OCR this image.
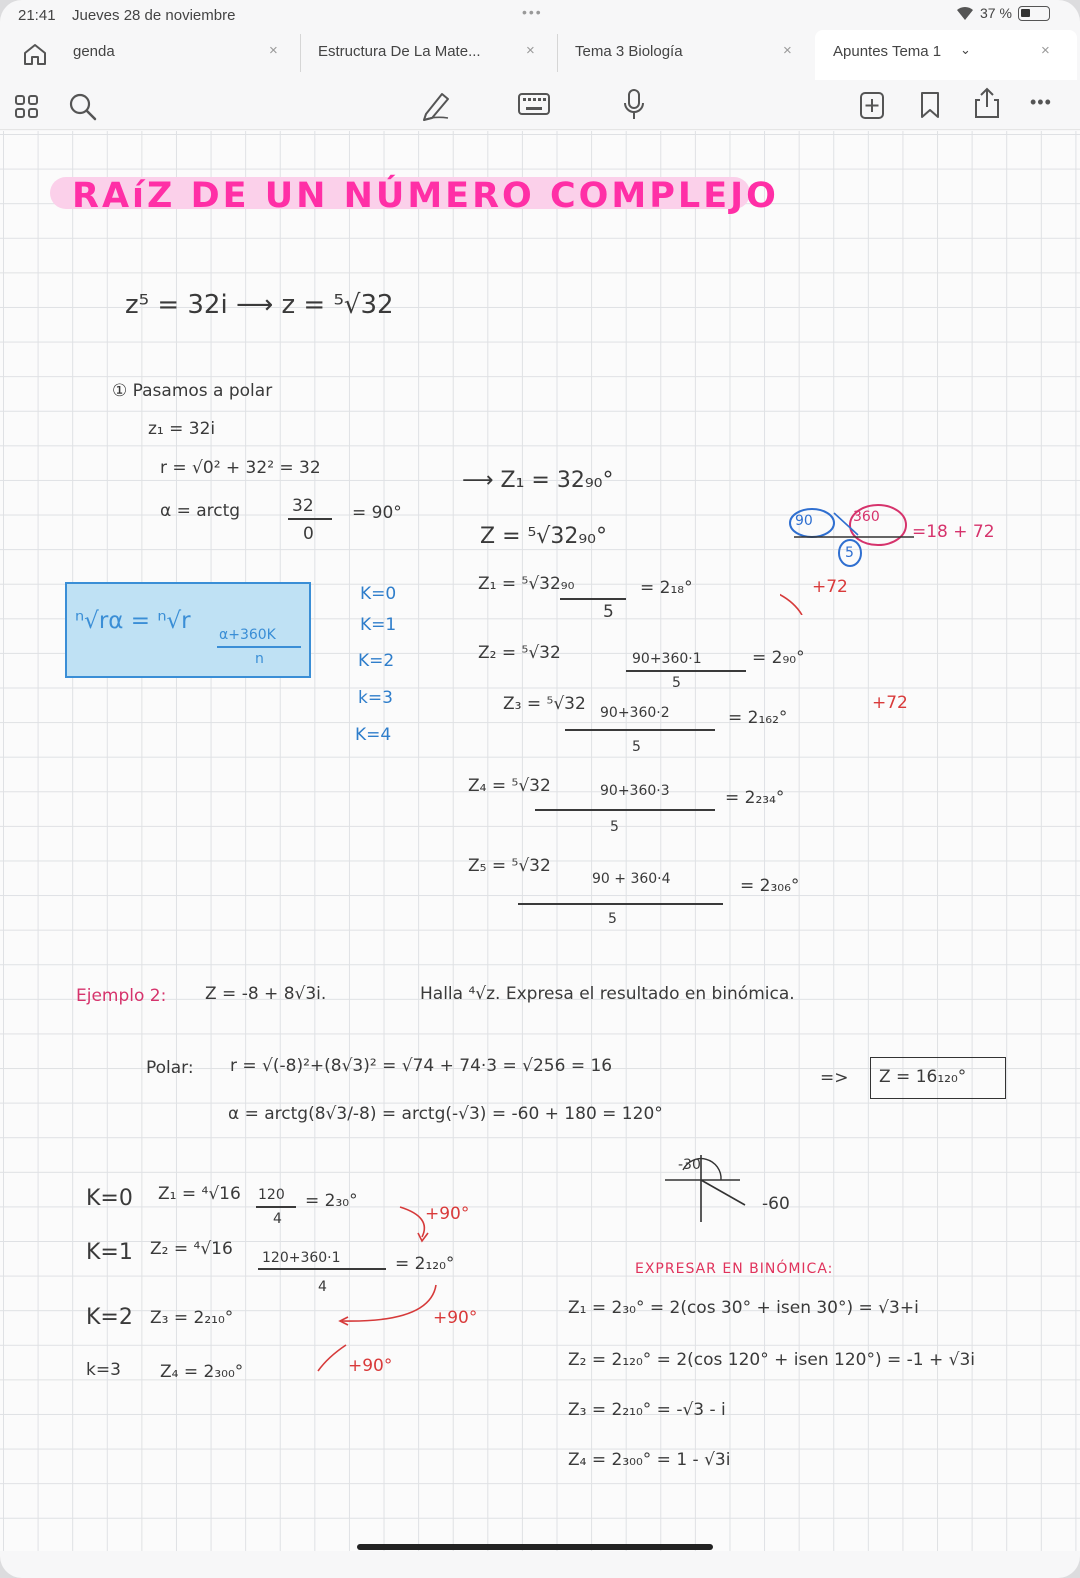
21:41 Jueves 28 de noviembre	•••	37 %
genda	×	Estructura De La Mate...	×	Tema 3 Biología	×	Apuntes Tema 1 ⌄	×
•••
RAíZ DE UN NÚMERO COMPLEJO
z⁵ = 32i ⟶ z = ⁵√32
① Pasamos a polar
z₁ = 32i
r = √0² + 32² = 32
α = arctg	32
0
= 90°
ⁿ√rα = ⁿ√r
α+360K
n
K=0
K=1
K=2
k=3
K=4
⟶ Z₁ = 32₉₀°
Z = ⁵√32₉₀°
Z₁ = ⁵√32₉₀
5
= 2₁₈°
Z₂ = ⁵√32	90+360·1
5
= 2₉₀°
Z₃ = ⁵√32 90+360·2
5
= 2₁₆₂°
Z₄ = ⁵√32	90+360·3
5
= 2₂₃₄°
Z₅ = ⁵√32
90 + 360·4
5
= 2₃₀₆°
90	360
5
=18 + 72
+72
+72
Ejemplo 2: Z = -8 + 8√3i.	Halla ⁴√z. Expresa el resultado en binómica.
Polar: r = √(-8)²+(8√3)² = √74 + 74·3 = √256 = 16
α = arctg(8√3/-8) = arctg(-√3) = -60 + 180 = 120°
=> Z = 16₁₂₀°
-30
-60
K=0 Z₁ = ⁴√16 120
4
= 2₃₀°
K=1 Z₂ = ⁴√16 120+360·1
4
= 2₁₂₀°
K=2 Z₃ = 2₂₁₀°
k=3 Z₄ = 2₃₀₀°
+90°
+90°
+90°
EXPRESAR EN BINÓMICA:
Z₁ = 2₃₀° = 2(cos 30° + isen 30°) = √3+i
Z₂ = 2₁₂₀° = 2(cos 120° + isen 120°) = -1 + √3i
Z₃ = 2₂₁₀° = -√3 - i
Z₄ = 2₃₀₀° = 1 - √3i
